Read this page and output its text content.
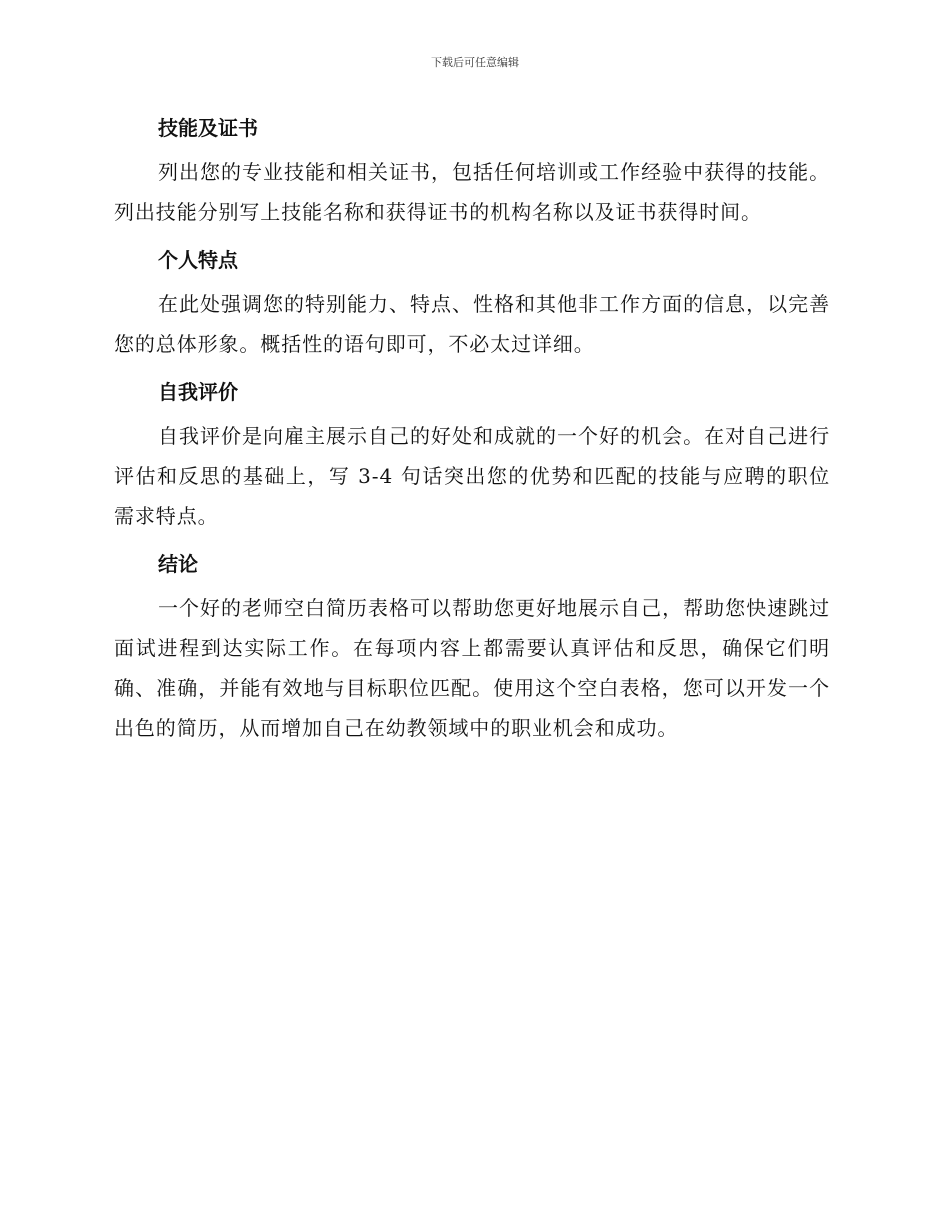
下载后可任意编辑
技能及证书

列出您的专业技能和相关证书，包括任何培训或工作经验中获得的技能。列出技能分别写上技能名称和获得证书的机构名称以及证书获得时间。

个人特点

在此处强调您的特别能力、特点、性格和其他非工作方面的信息，以完善您的总体形象。概括性的语句即可，不必太过详细。

自我评价

自我评价是向雇主展示自己的好处和成就的一个好的机会。在对自己进行评估和反思的基础上，写 3-4 句话突出您的优势和匹配的技能与应聘的职位需求特点。

结论

一个好的老师空白简历表格可以帮助您更好地展示自己，帮助您快速跳过面试进程到达实际工作。在每项内容上都需要认真评估和反思，确保它们明确、准确，并能有效地与目标职位匹配。使用这个空白表格，您可以开发一个出色的简历，从而增加自己在幼教领域中的职业机会和成功。
